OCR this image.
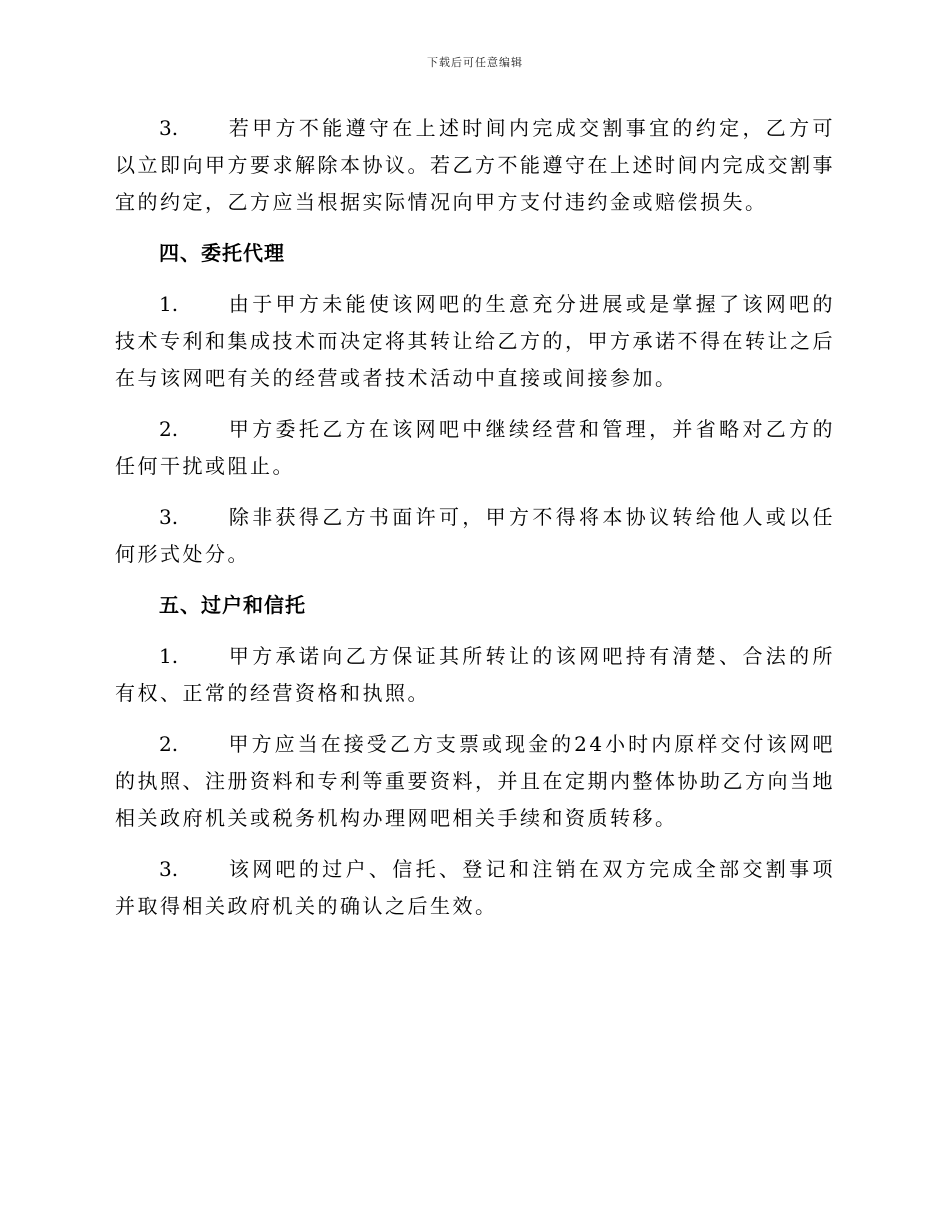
下载后可任意编辑

3. 若甲方不能遵守在上述时间内完成交割事宜的约定，乙方可以立即向甲方要求解除本协议。若乙方不能遵守在上述时间内完成交割事宜的约定，乙方应当根据实际情况向甲方支付违约金或赔偿损失。

四、委托代理

1. 由于甲方未能使该网吧的生意充分进展或是掌握了该网吧的技术专利和集成技术而决定将其转让给乙方的，甲方承诺不得在转让之后在与该网吧有关的经营或者技术活动中直接或间接参加。

2. 甲方委托乙方在该网吧中继续经营和管理，并省略对乙方的任何干扰或阻止。

3. 除非获得乙方书面许可，甲方不得将本协议转给他人或以任何形式处分。

五、过户和信托

1. 甲方承诺向乙方保证其所转让的该网吧持有清楚、合法的所有权、正常的经营资格和执照。

2. 甲方应当在接受乙方支票或现金的24小时内原样交付该网吧的执照、注册资料和专利等重要资料，并且在定期内整体协助乙方向当地相关政府机关或税务机构办理网吧相关手续和资质转移。

3. 该网吧的过户、信托、登记和注销在双方完成全部交割事项并取得相关政府机关的确认之后生效。
